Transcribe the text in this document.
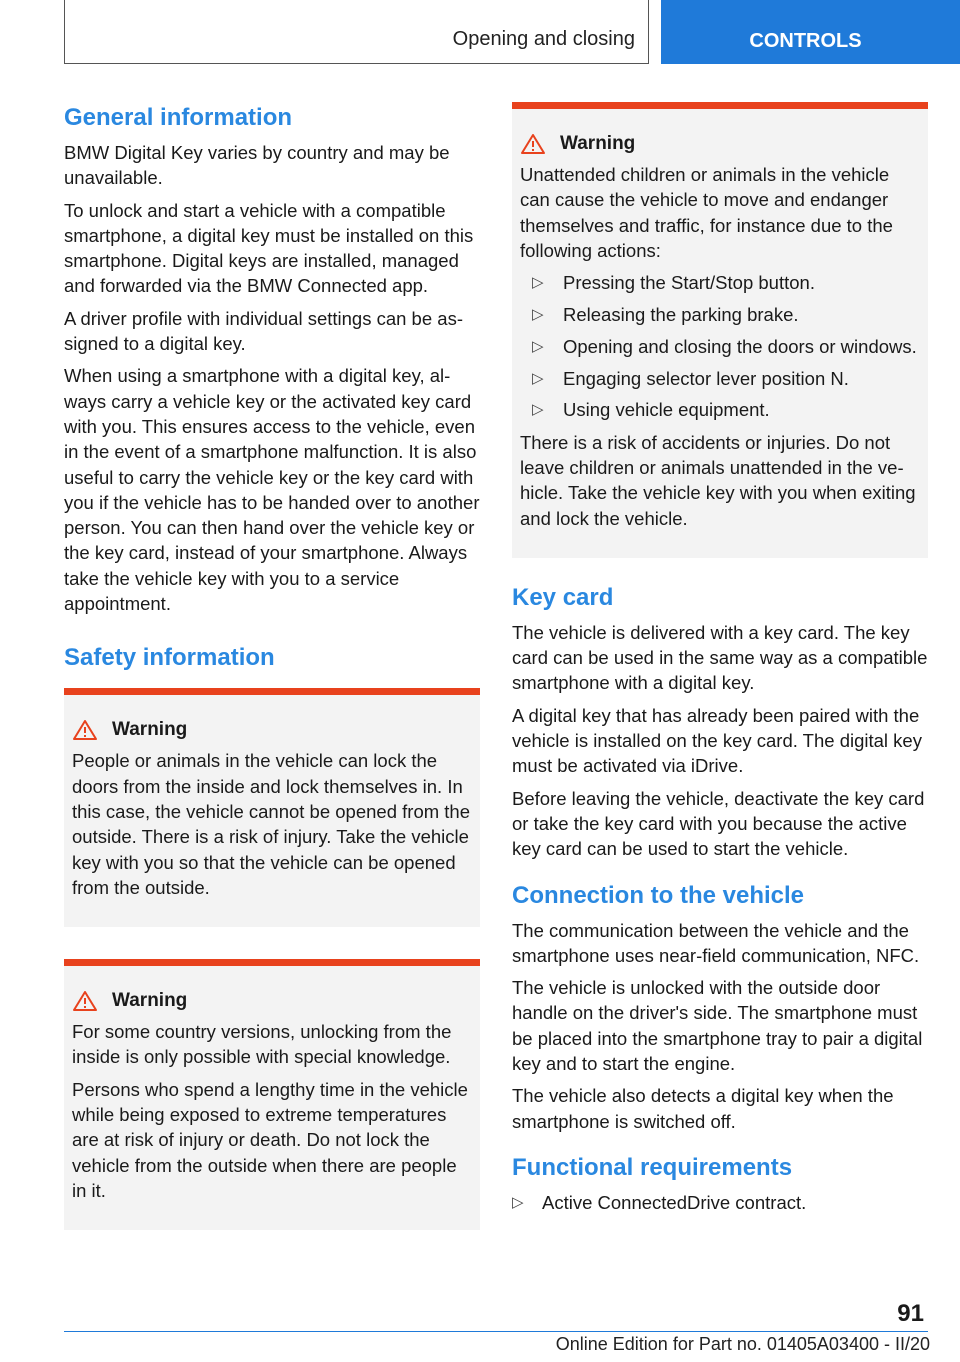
Opening and closing	CONTROLS
General information

BMW Digital Key varies by country and may be unavailable.

To unlock and start a vehicle with a compatible smartphone, a digital key must be installed on this smartphone. Digital keys are installed, managed and forwarded via the BMW Connected app.

A driver profile with individual settings can be assigned to a digital key.

When using a smartphone with a digital key, always carry a vehicle key or the activated key card with you. This ensures access to the vehicle, even in the event of a smartphone malfunction. It is also useful to carry the vehicle key or the key card with you if the vehicle has to be handed over to another person. You can then hand over the vehicle key or the key card, instead of your smartphone. Always take the vehicle key with you to a service appointment.

Safety information
Warning

People or animals in the vehicle can lock the doors from the inside and lock themselves in. In this case, the vehicle cannot be opened from the outside. There is a risk of injury. Take the vehicle key with you so that the vehicle can be opened from the outside.

Warning

For some country versions, unlocking from the inside is only possible with special knowledge.

Persons who spend a lengthy time in the vehicle while being exposed to extreme temperatures are at risk of injury or death. Do not lock the vehicle from the outside when there are people in it.

Warning

Unattended children or animals in the vehicle can cause the vehicle to move and endanger themselves and traffic, for instance due to the following actions:

▷ Pressing the Start/Stop button.
▷ Releasing the parking brake.
▷ Opening and closing the doors or windows.
▷ Engaging selector lever position N.
▷ Using vehicle equipment.

There is a risk of accidents or injuries. Do not leave children or animals unattended in the vehicle. Take the vehicle key with you when exiting and lock the vehicle.

Key card

The vehicle is delivered with a key card. The key card can be used in the same way as a compatible smartphone with a digital key.

A digital key that has already been paired with the vehicle is installed on the key card. The digital key must be activated via iDrive.

Before leaving the vehicle, deactivate the key card or take the key card with you because the active key card can be used to start the vehicle.

Connection to the vehicle

The communication between the vehicle and the smartphone uses near-field communication, NFC.

The vehicle is unlocked with the outside door handle on the driver's side. The smartphone must be placed into the smartphone tray to pair a digital key and to start the engine.

The vehicle also detects a digital key when the smartphone is switched off.

Functional requirements
▷ Active ConnectedDrive contract.
91
Online Edition for Part no. 01405A03400 - II/20
